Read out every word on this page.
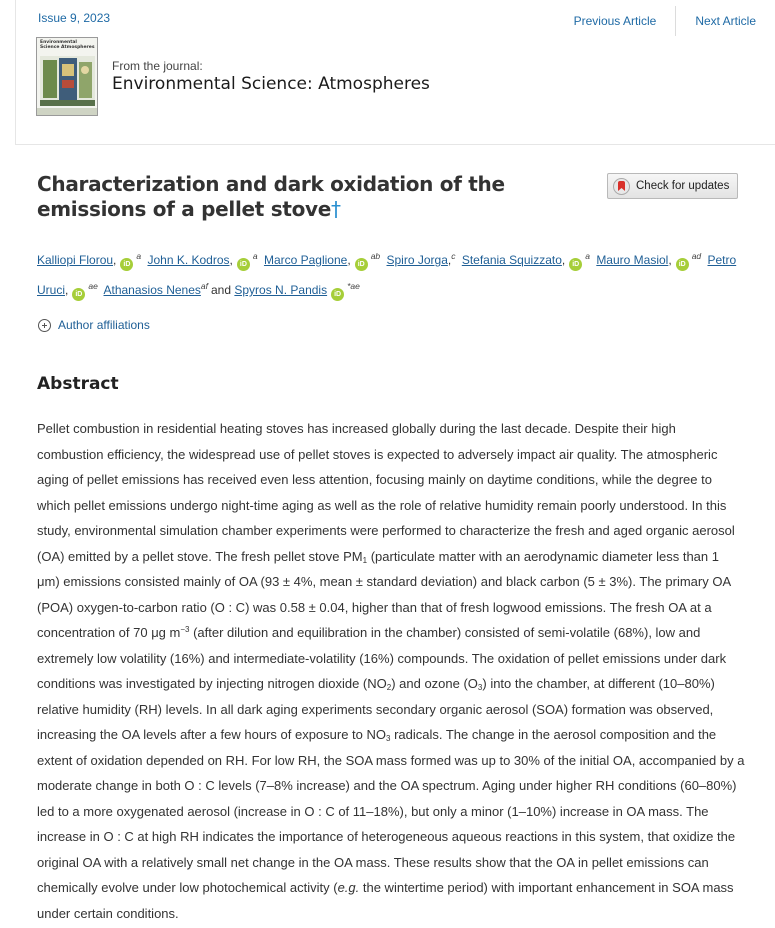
Issue 9, 2023	Previous Article	Next Article
Environmental Science Atmospheres
From the journal:
Environmental Science: Atmospheres
Characterization and dark oxidation of the emissions of a pellet stove†
Check for updates
Kalliopi Florou, iD$^a$ John K. Kodros, iD$^a$ Marco Paglione, iD$^{ab}$ Spiro Jorga,$^c$ Stefania Squizzato, iD$^a$ Mauro Masiol, iD$^{ad}$ Petro Uruci, iD$^{ae}$ Athanasios Nenes$^{af}$ and Spyros N. Pandis iD$^{*ae}$
Author affiliations
Abstract

Pellet combustion in residential heating stoves has increased globally during the last decade. Despite their high combustion efficiency, the widespread use of pellet stoves is expected to adversely impact air quality. The atmospheric aging of pellet emissions has received even less attention, focusing mainly on daytime conditions, while the degree to which pellet emissions undergo night-time aging as well as the role of relative humidity remain poorly understood. In this study, environmental simulation chamber experiments were performed to characterize the fresh and aged organic aerosol (OA) emitted by a pellet stove. The fresh pellet stove $PM_1$ (particulate matter with an aerodynamic diameter less than 1 μm) emissions consisted mainly of OA (93 ± 4%, mean ± standard deviation) and black carbon (5 ± 3%). The primary OA (POA) oxygen-to-carbon ratio (O : C) was 0.58 ± 0.04, higher than that of fresh logwood emissions. The fresh OA at a concentration of 70 μg $m^{-3}$ (after dilution and equilibration in the chamber) consisted of semi-volatile (68%), low and extremely low volatility (16%) and intermediate-volatility (16%) compounds. The oxidation of pellet emissions under dark conditions was investigated by injecting nitrogen dioxide $(NO_2)$ and ozone $(O_3)$ into the chamber, at different (10–80%) relative humidity (RH) levels. In all dark aging experiments secondary organic aerosol (SOA) formation was observed, increasing the OA levels after a few hours of exposure to $NO_3$ radicals. The change in the aerosol composition and the extent of oxidation depended on RH. For low RH, the SOA mass formed was up to 30% of the initial OA, accompanied by a moderate change in both O : C levels (7–8% increase) and the OA spectrum. Aging under higher RH conditions (60–80%) led to a more oxygenated aerosol (increase in O : C of 11–18%), but only a minor (1–10%) increase in OA mass. The increase in O : C at high RH indicates the importance of heterogeneous aqueous reactions in this system, that oxidize the original OA with a relatively small net change in the OA mass. These results show that the OA in pellet emissions can chemically evolve under low photochemical activity (e.g. the wintertime period) with important enhancement in SOA mass under certain conditions.
